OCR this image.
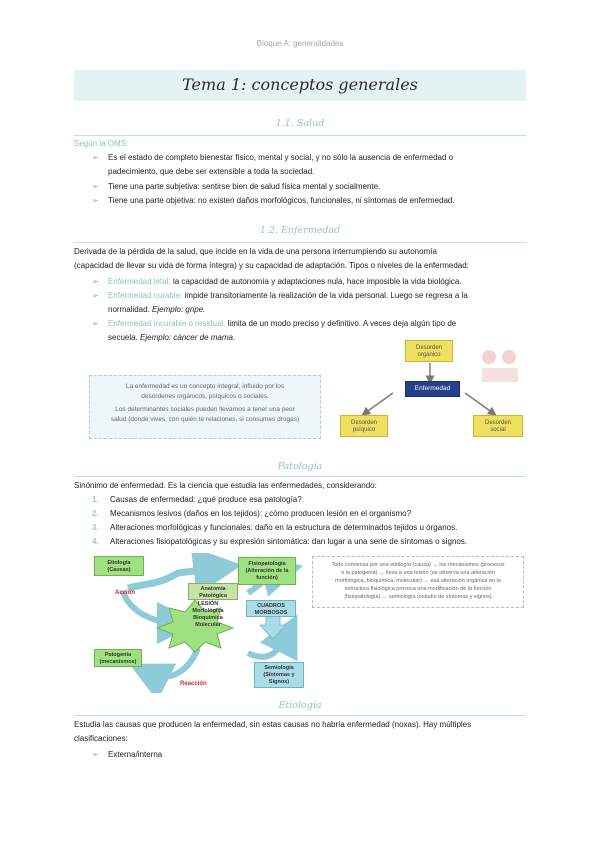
Bloque A: generalidades
Tema 1: conceptos generales
1.1. Salud
Según la OMS:
➢ Es el estado de completo bienestar físico, mental y social, y no sólo la ausencia de enfermedad o
padecimiento, que debe ser extensible a toda la sociedad.
➢	Tiene una parte subjetiva: sentirse bien de salud física mental y socialmente.
➢	Tiene una parte objetiva: no existen daños morfológicos, funcionales, ni síntomas de enfermedad.
1.2. Enfermedad
Derivada de la pérdida de la salud, que incide en la vida de una persona interrumpiendo su autonomía
(capacidad de llevar su vida de forma íntegra) y su capacidad de adaptación. Tipos o niveles de la enfermedad:
➢	Enfermedad letal: la capacidad de autonomía y adaptaciones nula, hace imposible la vida biológica.
➢ Enfermedad curable: impide transitoriamente la realización de la vida personal. Luego se regresa a la
normalidad. Ejemplo: gripe.
➢ Enfermedad incurable o residual: limita de un modo preciso y definitivo. A veces deja algún tipo de
secuela. Ejemplo: cáncer de mama.
La enfermedad es un concepto integral, influido por los
desórdenes orgánicos, psíquicos o sociales.
Los determinantes sociales pueden llevarnos a tener una peor
salud (donde vives, con quién te relaciones, si consumes drogas)
Desorden
orgánico
Enfermedad
Desorden
psíquico
Desorden
social
Patología
Sinónimo de enfermedad. Es la ciencia que estudia las enfermedades, considerando:
1.	Causas de enfermedad: ¿qué produce esa patología?
2.	Mecanismos lesivos (daños en los tejidos): ¿cómo producen lesión en el organismo?
3.	Alteraciones morfológicas y funcionales: daño en la estructura de determinados tejidos u órganos.
4.	Alteraciones fisiopatológicas y su expresión sintomática: dan lugar a una serie de síntomas o signos.
Etiología
(Causas)
Acción
Anatomía
Patológica
LESIÓN
Morfológica
Bioquímica
Molecular
Fisiopatología
(Alteración de la
función)
CUADROS
MORBOSOS
Patogenia
(mecanismos)
Reacción
Semiología
(Síntomas y
Signos)
Todo comienza por una etiología (causa) → los mecanismos (procesos
o la patogenia) → lleva a una lesión (se observa una alteración
morfológica, bioquímica, molecular) → esa alteración orgánica en la
estructura fisiológica provoca una modificación de la función
(fisiopatología) → semiología (estudio de síntomas y signos)
Etiología
Estudia las causas que producen la enfermedad, sin estas causas no habría enfermedad (noxas). Hay múltiples
clasificaciones:
➢	Externa/interna
